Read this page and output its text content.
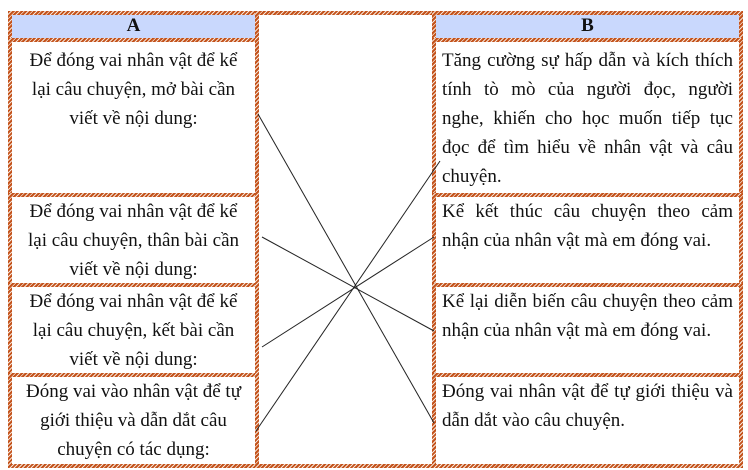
A
Để đóng vai nhân vật để kể lại câu chuyện, mở bài cần viết về nội dung:
Để đóng vai nhân vật để kể lại câu chuyện, thân bài cần viết về nội dung:
Để đóng vai nhân vật để kể lại câu chuyện, kết bài cần viết về nội dung:
Đóng vai vào nhân vật để tự giới thiệu và dẫn dắt câu chuyện có tác dụng:
B
Tăng cường sự hấp dẫn và kích thích tính tò mò của người đọc, người nghe, khiến cho học muốn tiếp tục đọc để tìm hiểu về nhân vật và câu chuyện.
Kể kết thúc câu chuyện theo cảm nhận của nhân vật mà em đóng vai.
Kể lại diễn biến câu chuyện theo cảm nhận của nhân vật mà em đóng vai.
Đóng vai nhân vật để tự giới thiệu và dẫn dắt vào câu chuyện.
